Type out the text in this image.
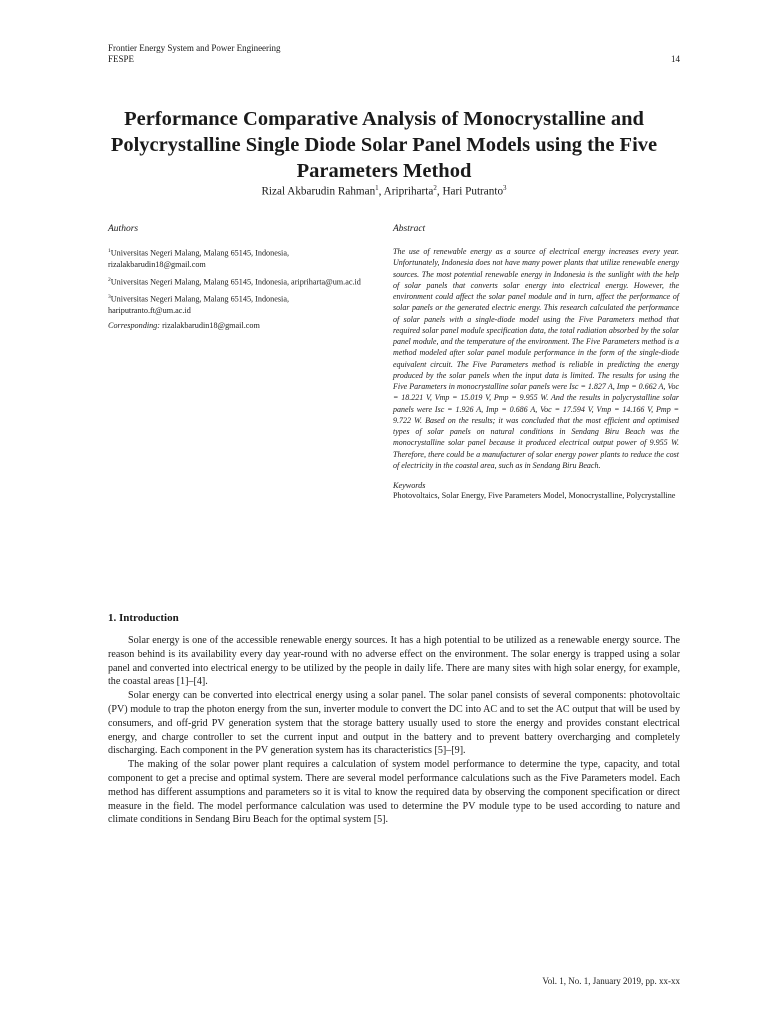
Frontier Energy System and Power Engineering
FESPE	14
Performance Comparative Analysis of Monocrystalline and Polycrystalline Single Diode Solar Panel Models using the Five Parameters Method
Rizal Akbarudin Rahman$^1$, Aripriharta$^2$, Hari Putranto$^3$

Authors

$^1$Universitas Negeri Malang, Malang 65145, Indonesia, rizalakbarudin18@gmail.com

$^2$Universitas Negeri Malang, Malang 65145, Indonesia, aripriharta@um.ac.id

$^3$Universitas Negeri Malang, Malang 65145, Indonesia, hariputranto.ft@um.ac.id

Corresponding: rizalakbarudin18@gmail.com

Abstract

The use of renewable energy as a source of electrical energy increases every year. Unfortunately, Indonesia does not have many power plants that utilize renewable energy sources. The most potential renewable energy in Indonesia is the sunlight with the help of solar panels that converts solar energy into electrical energy. However, the environment could affect the solar panel module and in turn, affect the performance of solar panels or the generated electric energy. This research calculated the performance of solar panels with a single-diode model using the Five Parameters method that required solar panel module specification data, the total radiation absorbed by the solar panel module, and the temperature of the environment. The Five Parameters method is a method modeled after solar panel module performance in the form of the single-diode equivalent circuit. The Five Parameters method is reliable in predicting the energy produced by the solar panels when the input data is limited. The results for using the Five Parameters in monocrystalline solar panels were Isc = 1.827 A, Imp = 0.662 A, Voc = 18.221 V, Vmp = 15.019 V, Pmp = 9.955 W. And the results in polycrystalline solar panels were Isc = 1.926 A, Imp = 0.686 A, Voc = 17.594 V, Vmp = 14.166 V, Pmp = 9.722 W. Based on the results; it was concluded that the most efficient and optimised types of solar panels on natural conditions in Sendang Biru Beach was the monocrystalline solar panel because it produced electrical output power of 9.955 W. Therefore, there could be a manufacturer of solar energy power plants to reduce the cost of electricity in the coastal area, such as in Sendang Biru Beach.

Keywords

Photovoltaics, Solar Energy, Five Parameters Model, Monocrystalline, Polycrystalline

1. Introduction

Solar energy is one of the accessible renewable energy sources. It has a high potential to be utilized as a renewable energy source. The reason behind is its availability every day year-round with no adverse effect on the environment. The solar energy is trapped using a solar panel and converted into electrical energy to be utilized by the people in daily life. There are many sites with high solar energy, for example, the coastal areas [1]–[4].

Solar energy can be converted into electrical energy using a solar panel. The solar panel consists of several components: photovoltaic (PV) module to trap the photon energy from the sun, inverter module to convert the DC into AC and to set the AC output that will be used by consumers, and off-grid PV generation system that the storage battery usually used to store the energy and provides constant electrical energy, and charge controller to set the current input and output in the battery and to prevent battery overcharging and completely discharging. Each component in the PV generation system has its characteristics [5]–[9].

The making of the solar power plant requires a calculation of system model performance to determine the type, capacity, and total component to get a precise and optimal system. There are several model performance calculations such as the Five Parameters model. Each method has different assumptions and parameters so it is vital to know the required data by observing the component specification or direct measure in the field. The model performance calculation was used to determine the PV module type to be used according to nature and climate conditions in Sendang Biru Beach for the optimal system [5].

Vol. 1, No. 1, January 2019, pp. xx-xx
